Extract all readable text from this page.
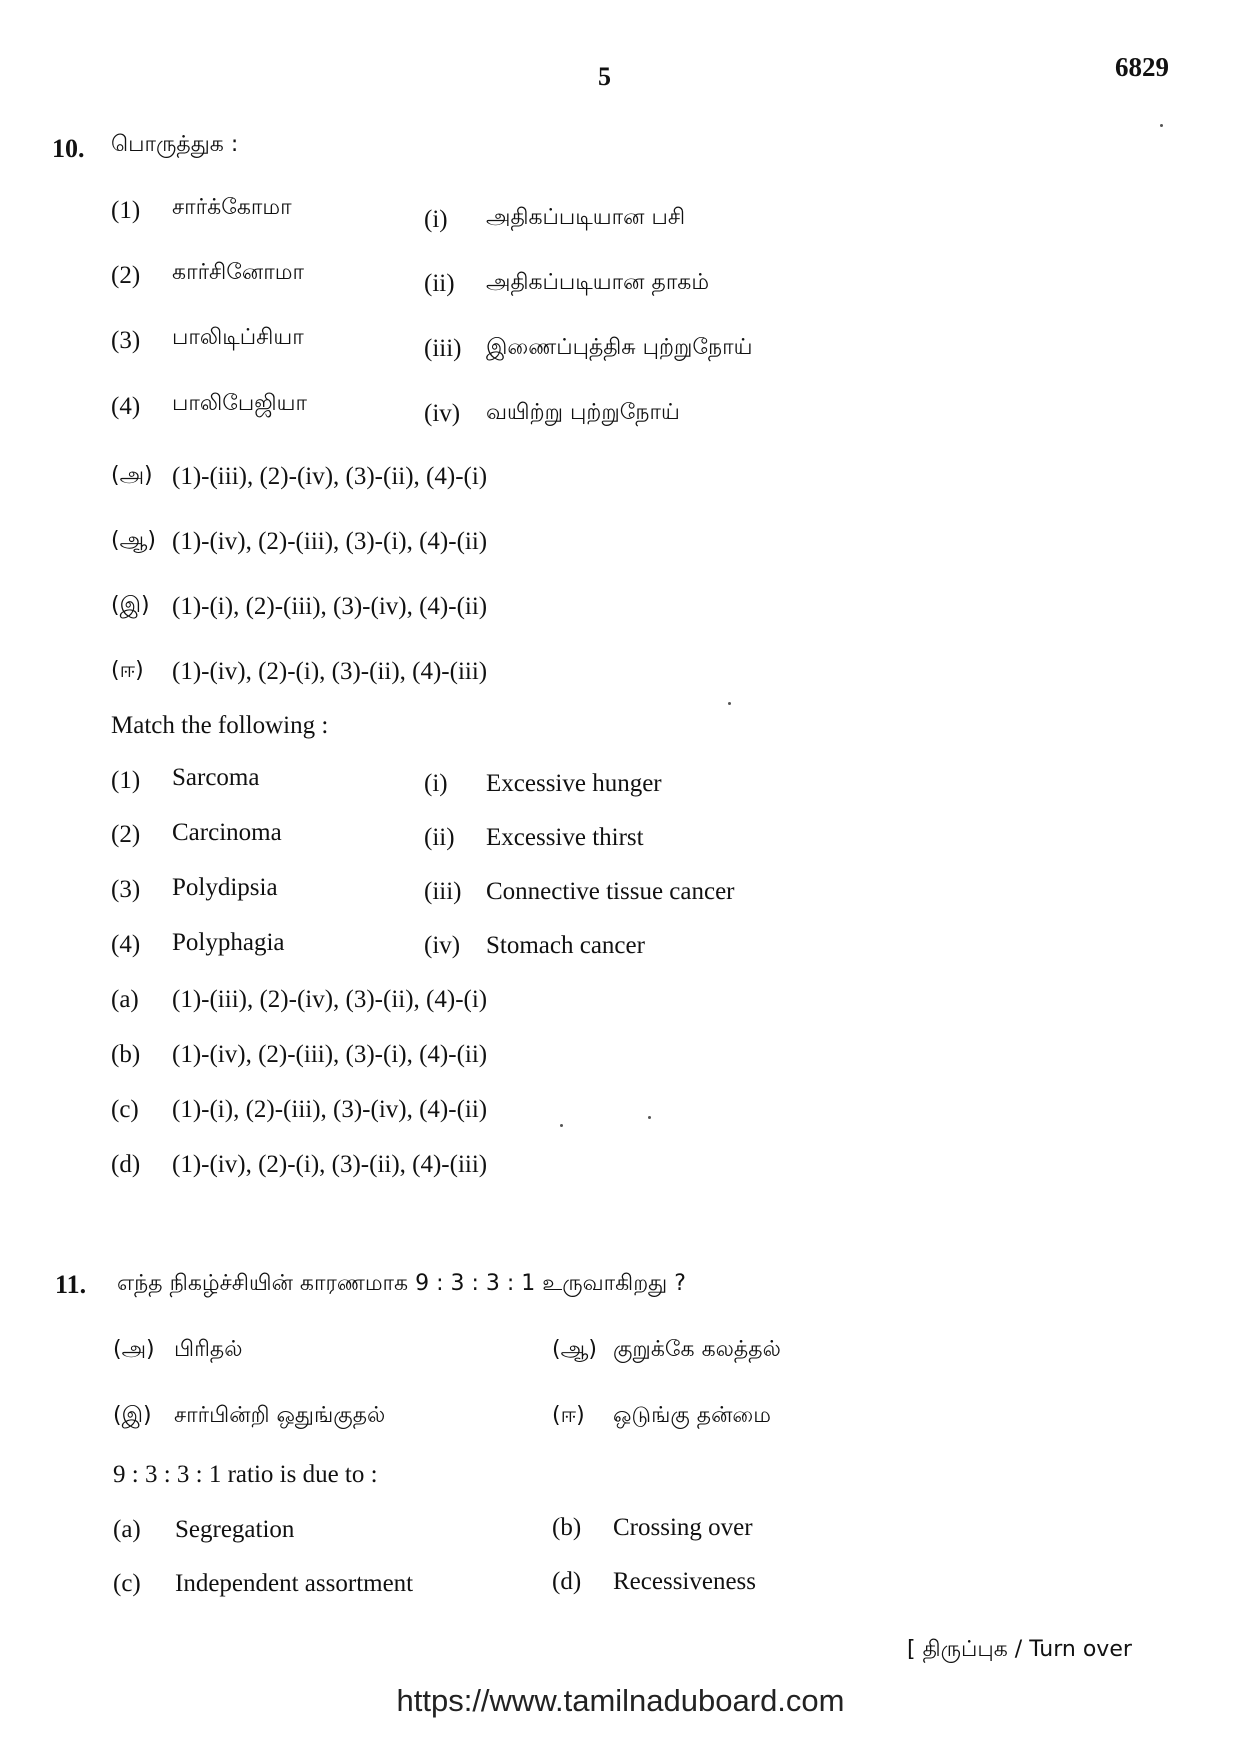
5	6829
10. பொருத்துக :
(1) சார்க்கோமா	(i) அதிகப்படியான பசி
(2) கார்சினோமா	(ii) அதிகப்படியான தாகம்
(3) பாலிடிப்சியா	(iii) இணைப்புத்திசு புற்றுநோய்
(4) பாலிபேஜியா	(iv) வயிற்று புற்றுநோய்
(அ) (1)-(iii), (2)-(iv), (3)-(ii), (4)-(i)
(ஆ) (1)-(iv), (2)-(iii), (3)-(i), (4)-(ii)
(இ) (1)-(i), (2)-(iii), (3)-(iv), (4)-(ii)
(ஈ) (1)-(iv), (2)-(i), (3)-(ii), (4)-(iii)
Match the following :
(1) Sarcoma	(i) Excessive hunger
(2) Carcinoma	(ii) Excessive thirst
(3) Polydipsia	(iii) Connective tissue cancer
(4) Polyphagia	(iv) Stomach cancer
(a) (1)-(iii), (2)-(iv), (3)-(ii), (4)-(i)
(b) (1)-(iv), (2)-(iii), (3)-(i), (4)-(ii)
(c) (1)-(i), (2)-(iii), (3)-(iv), (4)-(ii)
(d) (1)-(iv), (2)-(i), (3)-(ii), (4)-(iii)
11. எந்த நிகழ்ச்சியின் காரணமாக 9 : 3 : 3 : 1 உருவாகிறது ?
(அ) பிரிதல்	(ஆ) குறுக்கே கலத்தல்
(இ) சார்பின்றி ஒதுங்குதல்	(ஈ) ஒடுங்கு தன்மை
9 : 3 : 3 : 1 ratio is due to :
(a) Segregation	(b) Crossing over
(c) Independent assortment	(d) Recessiveness
[ திருப்புக / Turn over
https://www.tamilnaduboard.com
